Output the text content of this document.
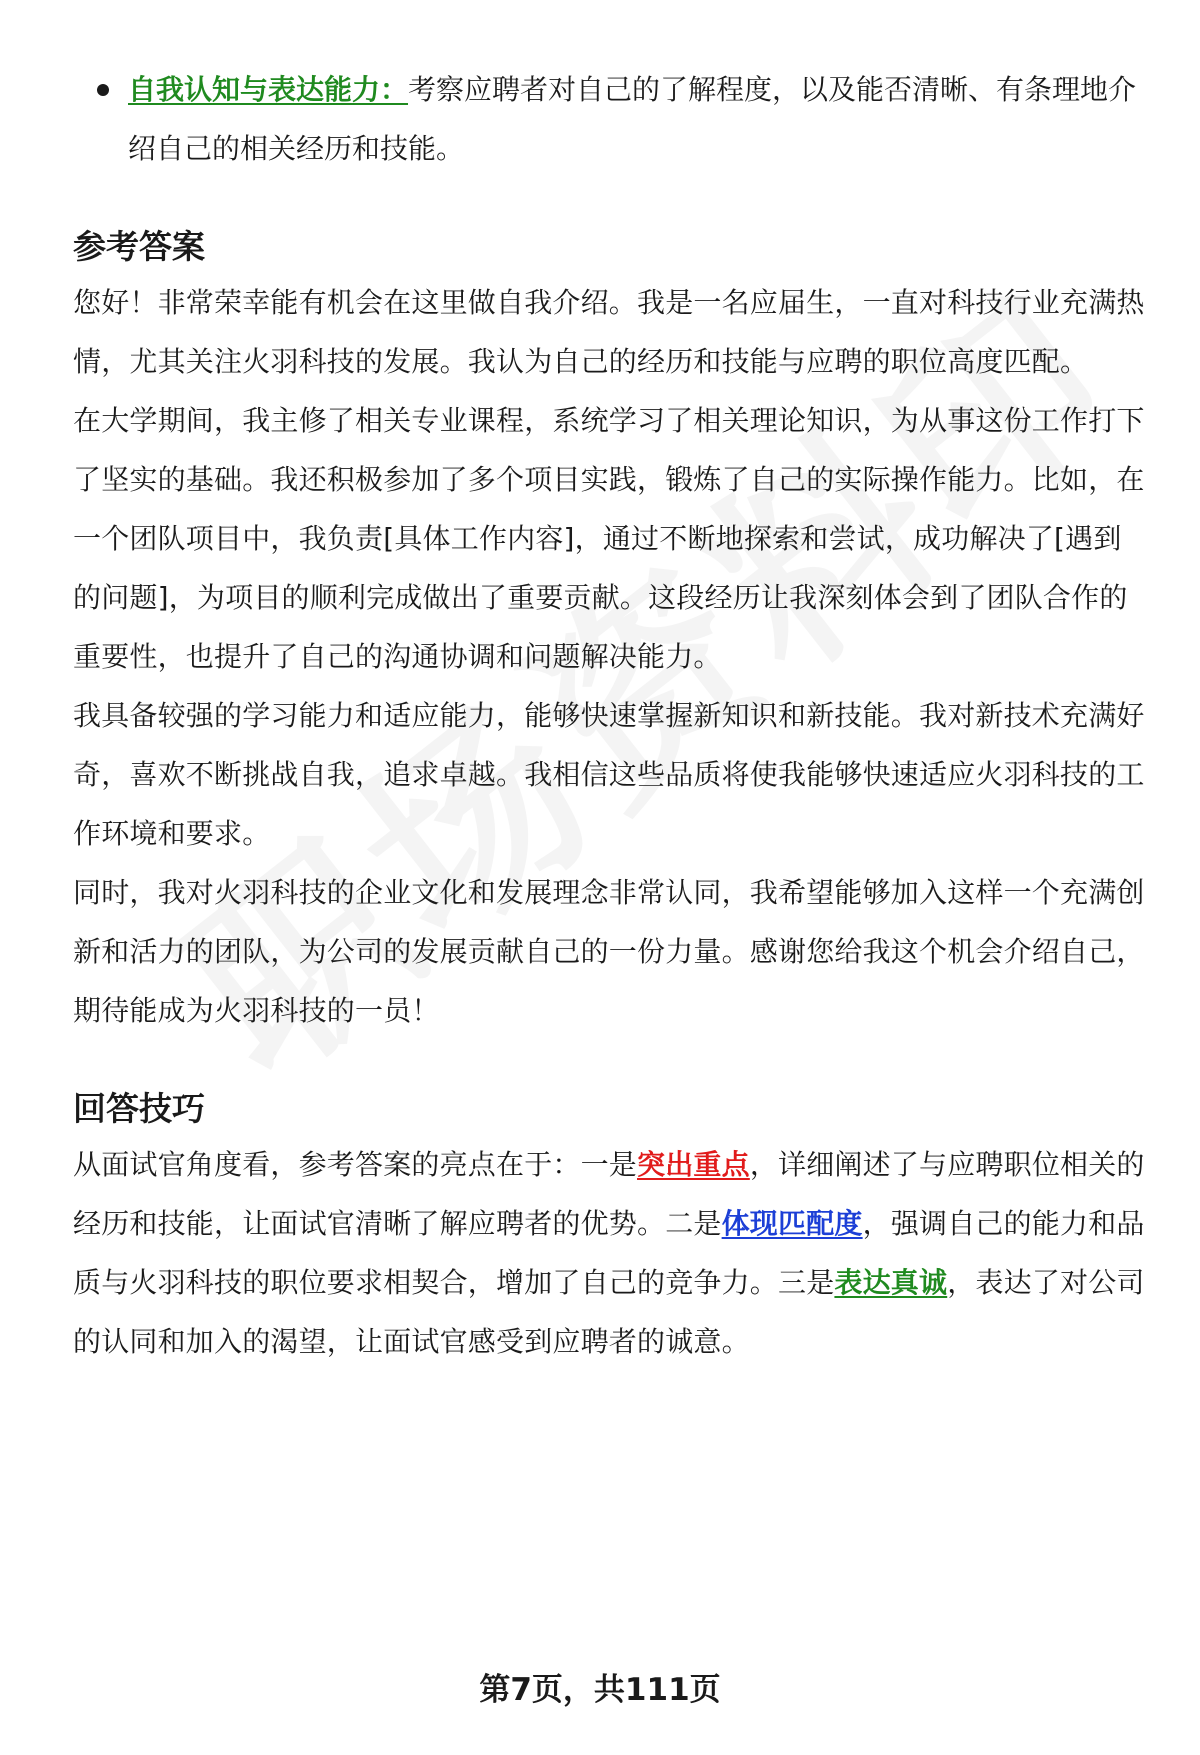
自我认知与表达能力：考察应聘者对自己的了解程度，以及能否清晰、有条理地介绍自己的相关经历和技能。
参考答案

您好！非常荣幸能有机会在这里做自我介绍。我是一名应届生，一直对科技行业充满热情，尤其关注火羽科技的发展。我认为自己的经历和技能与应聘的职位高度匹配。

在大学期间，我主修了相关专业课程，系统学习了相关理论知识，为从事这份工作打下了坚实的基础。我还积极参加了多个项目实践，锻炼了自己的实际操作能力。比如，在一个团队项目中，我负责[具体工作内容]，通过不断地探索和尝试，成功解决了[遇到的问题]，为项目的顺利完成做出了重要贡献。这段经历让我深刻体会到了团队合作的重要性，也提升了自己的沟通协调和问题解决能力。

我具备较强的学习能力和适应能力，能够快速掌握新知识和新技能。我对新技术充满好奇，喜欢不断挑战自我，追求卓越。我相信这些品质将使我能够快速适应火羽科技的工作环境和要求。

同时，我对火羽科技的企业文化和发展理念非常认同，我希望能够加入这样一个充满创新和活力的团队，为公司的发展贡献自己的一份力量。感谢您给我这个机会介绍自己，期待能成为火羽科技的一员！

回答技巧

从面试官角度看，参考答案的亮点在于：一是突出重点，详细阐述了与应聘职位相关的经历和技能，让面试官清晰了解应聘者的优势。二是体现匹配度，强调自己的能力和品质与火羽科技的职位要求相契合，增加了自己的竞争力。三是表达真诚，表达了对公司的认同和加入的渴望，让面试官感受到应聘者的诚意。

第7页，共111页
